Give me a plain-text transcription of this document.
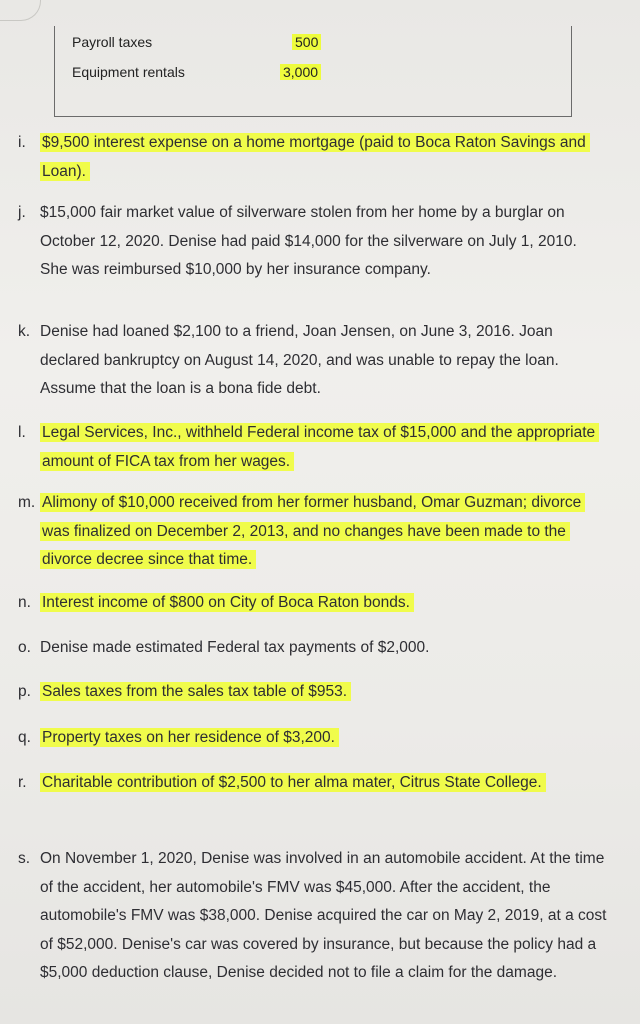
Payroll taxes	500
Equipment rentals	3,000
i. $9,500 interest expense on a home mortgage (paid to Boca Raton Savings and Loan).
j. $15,000 fair market value of silverware stolen from her home by a burglar on October 12, 2020. Denise had paid $14,000 for the silverware on July 1, 2010. She was reimbursed $10,000 by her insurance company.
k. Denise had loaned $2,100 to a friend, Joan Jensen, on June 3, 2016. Joan declared bankruptcy on August 14, 2020, and was unable to repay the loan. Assume that the loan is a bona fide debt.
l. Legal Services, Inc., withheld Federal income tax of $15,000 and the appropriate amount of FICA tax from her wages.
m. Alimony of $10,000 received from her former husband, Omar Guzman; divorce was finalized on December 2, 2013, and no changes have been made to the divorce decree since that time.
n. Interest income of $800 on City of Boca Raton bonds.
o. Denise made estimated Federal tax payments of $2,000.
p. Sales taxes from the sales tax table of $953.
q. Property taxes on her residence of $3,200.
r. Charitable contribution of $2,500 to her alma mater, Citrus State College.
s. On November 1, 2020, Denise was involved in an automobile accident. At the time of the accident, her automobile's FMV was $45,000. After the accident, the automobile's FMV was $38,000. Denise acquired the car on May 2, 2019, at a cost of $52,000. Denise's car was covered by insurance, but because the policy had a $5,000 deduction clause, Denise decided not to file a claim for the damage.
